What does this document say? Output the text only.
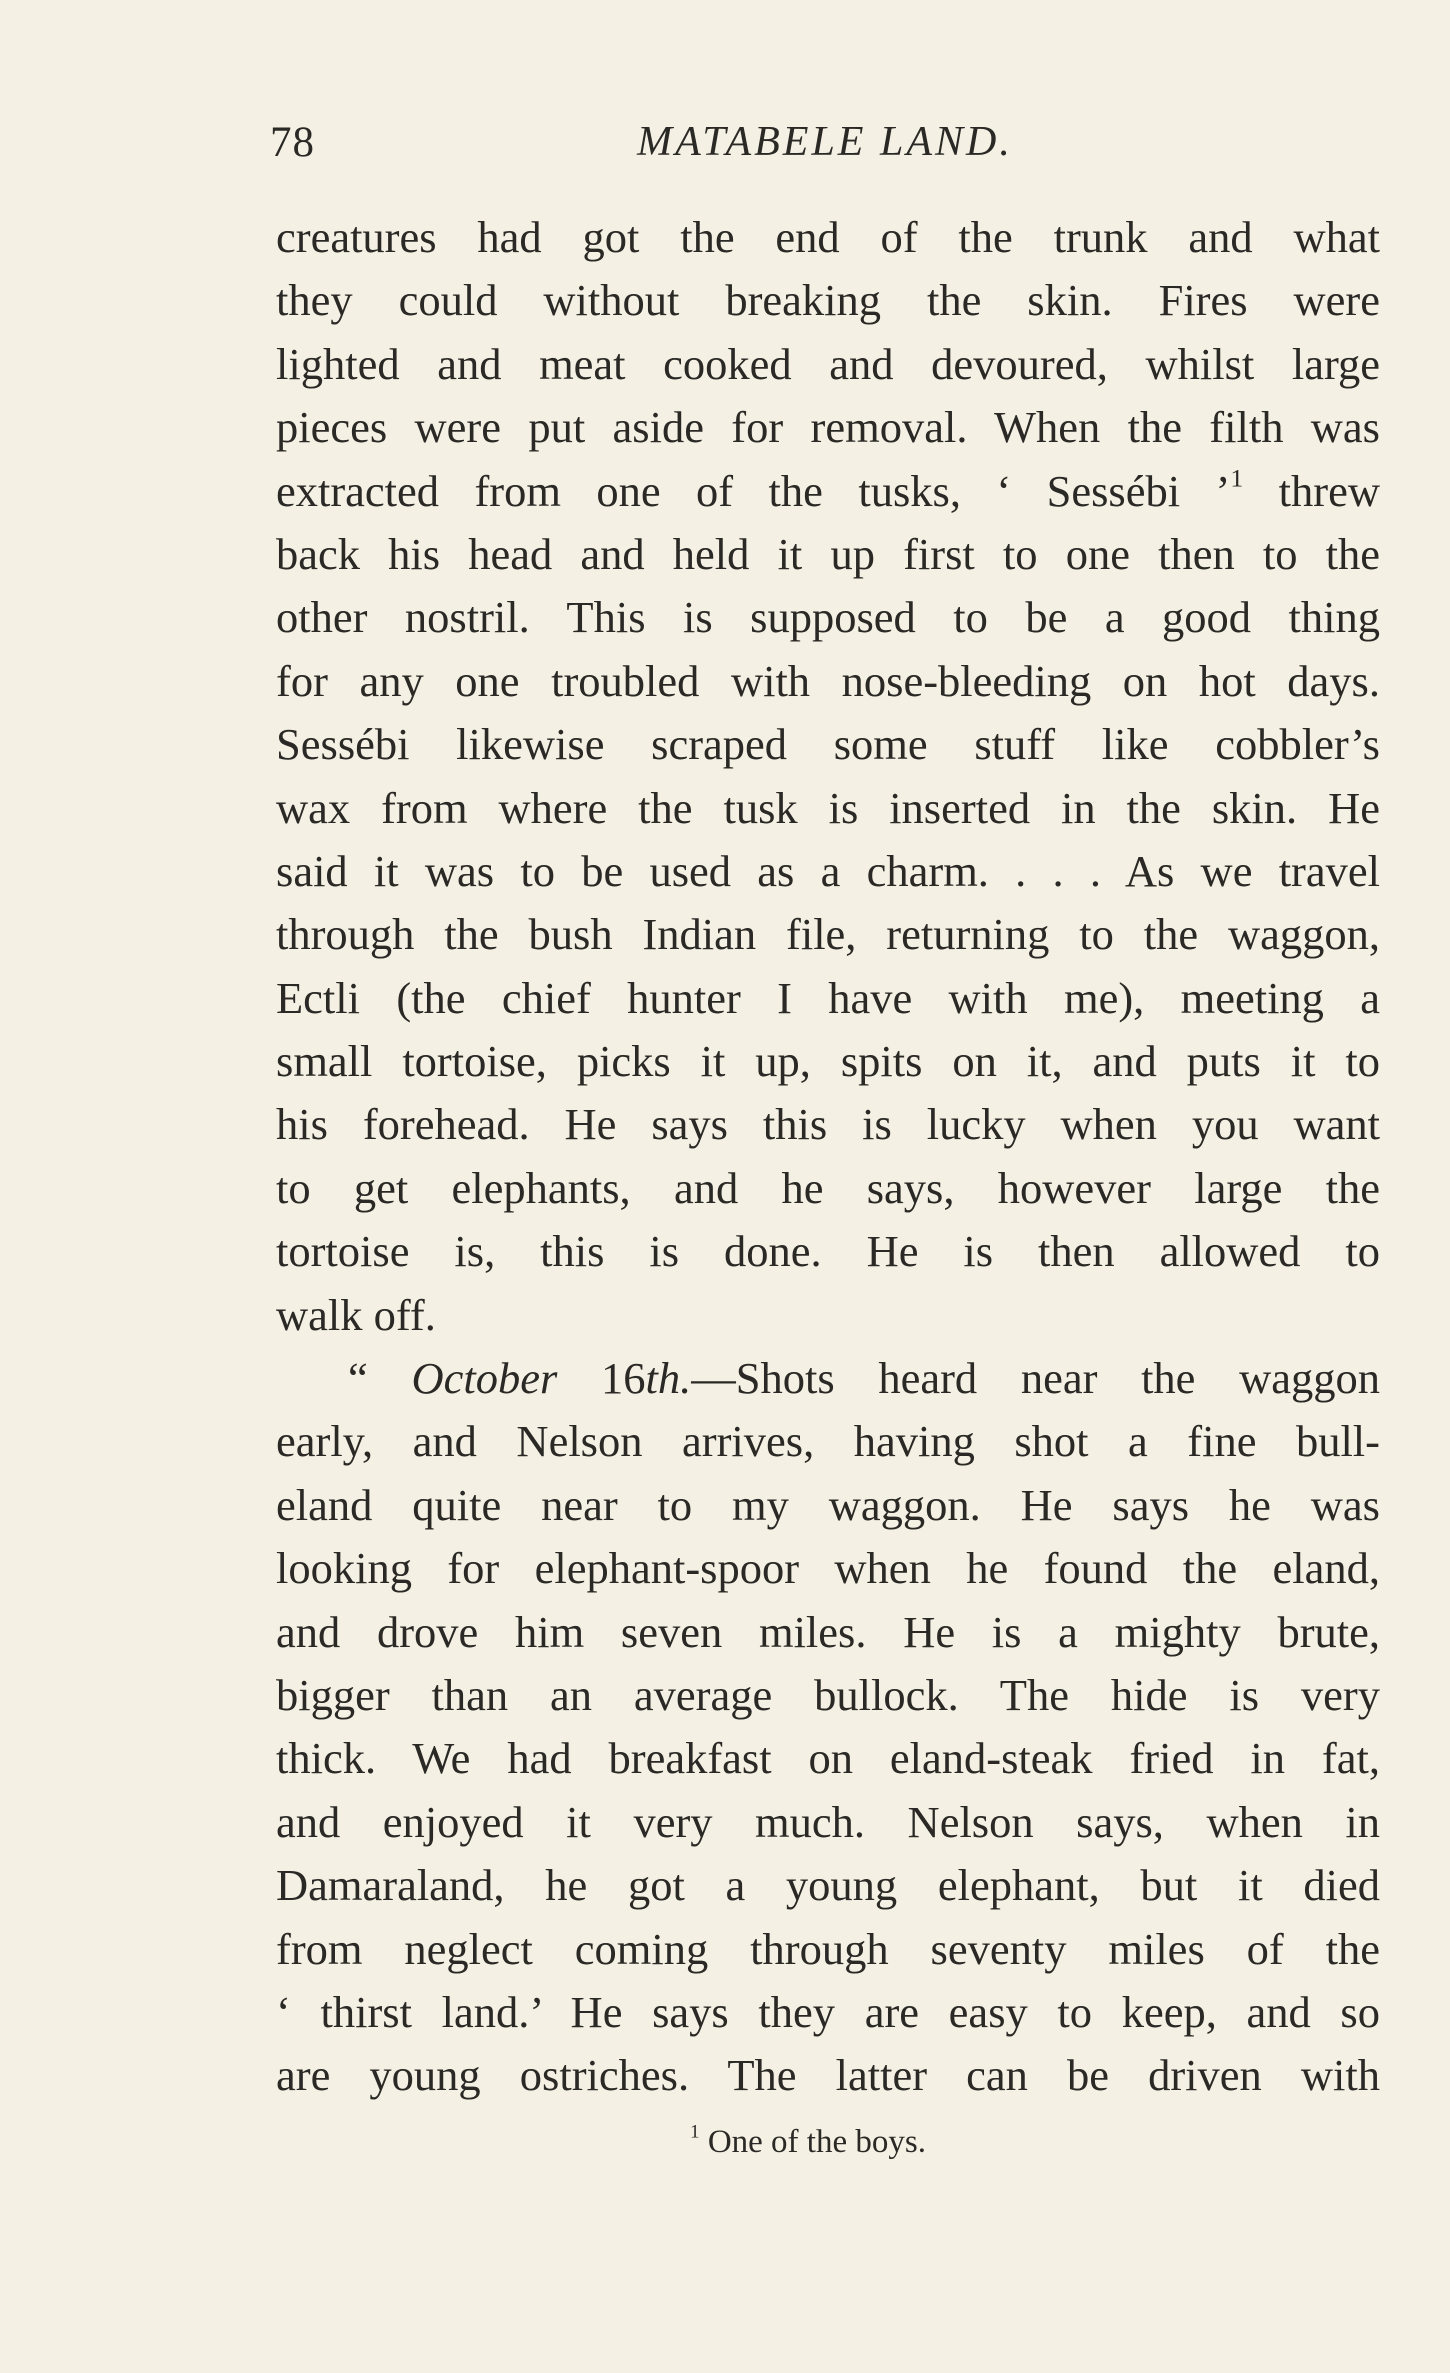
78	MATABELE LAND.
creatures had got the end of the trunk and what
they could without breaking the skin. Fires were
lighted and meat cooked and devoured, whilst large
pieces were put aside for removal. When the filth was
extracted from one of the tusks, ‘ Sessébi ’$^1$ threw
back his head and held it up first to one then to the
other nostril. This is supposed to be a good thing
for any one troubled with nose-bleeding on hot days.
Sessébi likewise scraped some stuff like cobbler’s
wax from where the tusk is inserted in the skin. He
said it was to be used as a charm. . . . As we travel
through the bush Indian file, returning to the waggon,
Ectli (the chief hunter I have with me), meeting a
small tortoise, picks it up, spits on it, and puts it to
his forehead. He says this is lucky when you want
to get elephants, and he says, however large the
tortoise is, this is done. He is then allowed to
walk off.
“ October 16th.—Shots heard near the waggon
early, and Nelson arrives, having shot a fine bull-
eland quite near to my waggon. He says he was
looking for elephant-spoor when he found the eland,
and drove him seven miles. He is a mighty brute,
bigger than an average bullock. The hide is very
thick. We had breakfast on eland-steak fried in fat,
and enjoyed it very much. Nelson says, when in
Damaraland, he got a young elephant, but it died
from neglect coming through seventy miles of the
‘ thirst land.’ He says they are easy to keep, and so
are young ostriches. The latter can be driven with
$^1$ One of the boys.
